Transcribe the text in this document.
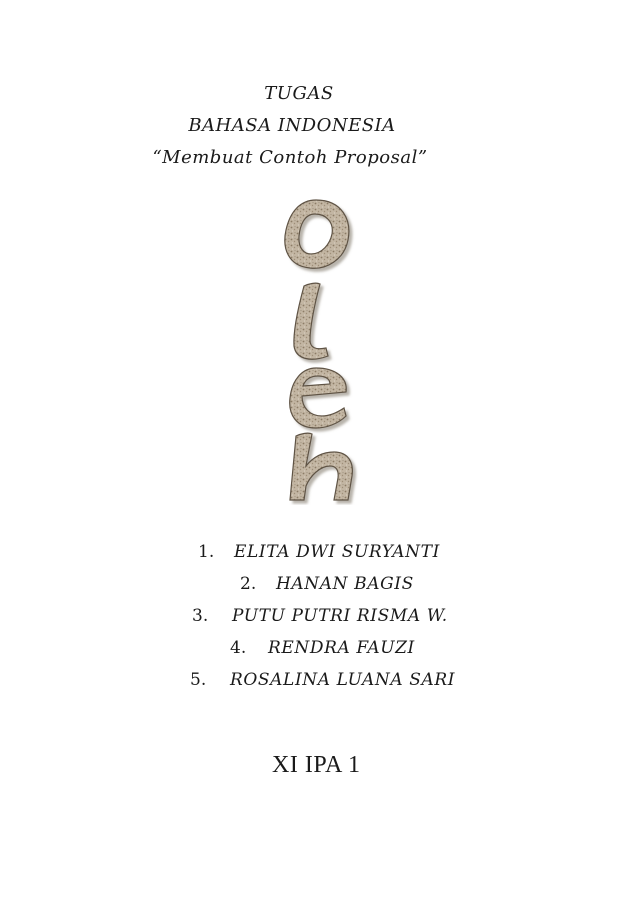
TUGAS
BAHASA INDONESIA
“Membuat Contoh Proposal”
1. ELITA DWI SURYANTI
2. HANAN BAGIS
3. PUTU PUTRI RISMA W.
4. RENDRA FAUZI
5. ROSALINA LUANA SARI
XI IPA 1
